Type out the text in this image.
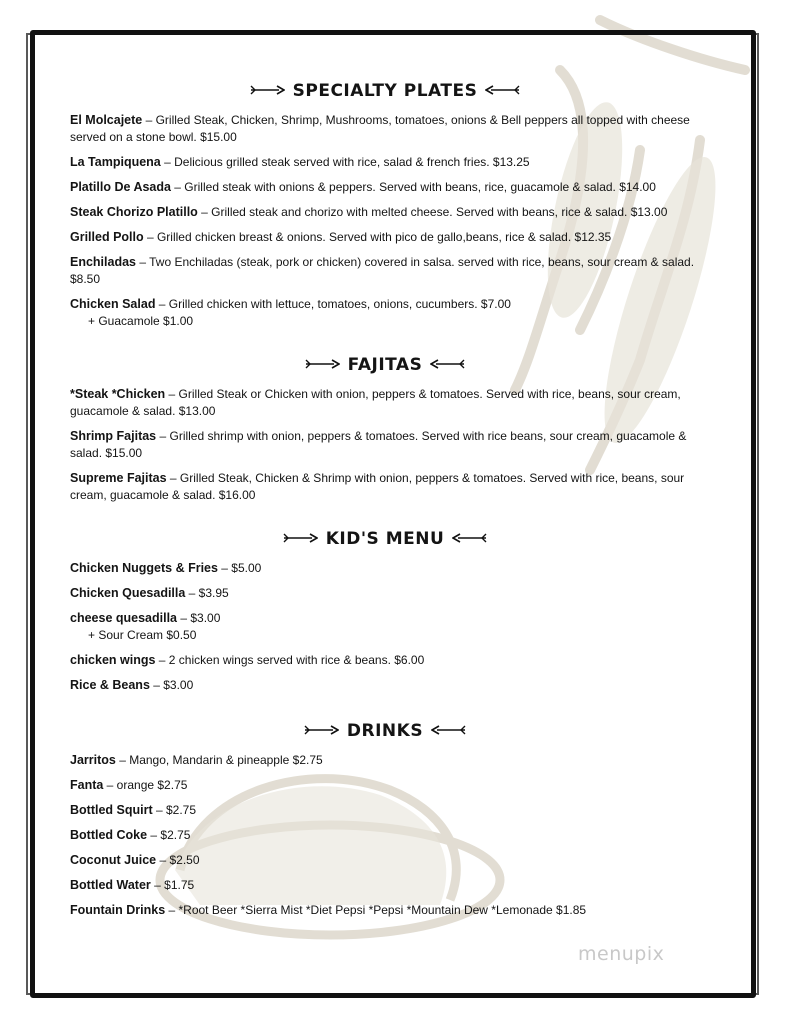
SPECIALTY PLATES
El Molcajete – Grilled Steak, Chicken, Shrimp, Mushrooms, tomatoes, onions & Bell peppers all topped with cheese served on a stone bowl. $15.00
La Tampiquena – Delicious grilled steak served with rice, salad & french fries. $13.25
Platillo De Asada – Grilled steak with onions & peppers. Served with beans, rice, guacamole & salad. $14.00
Steak Chorizo Platillo – Grilled steak and chorizo with melted cheese. Served with beans, rice & salad. $13.00
Grilled Pollo – Grilled chicken breast & onions. Served with pico de gallo,beans, rice & salad. $12.35
Enchiladas – Two Enchiladas (steak, pork or chicken) covered in salsa. served with rice, beans, sour cream & salad. $8.50
Chicken Salad – Grilled chicken with lettuce, tomatoes, onions, cucumbers. $7.00
+ Guacamole $1.00
FAJITAS
*Steak *Chicken – Grilled Steak or Chicken with onion, peppers & tomatoes. Served with rice, beans, sour cream, guacamole & salad. $13.00
Shrimp Fajitas – Grilled shrimp with onion, peppers & tomatoes. Served with rice beans, sour cream, guacamole & salad. $15.00
Supreme Fajitas – Grilled Steak, Chicken & Shrimp with onion, peppers & tomatoes. Served with rice, beans, sour cream, guacamole & salad. $16.00
KID'S MENU
Chicken Nuggets & Fries – $5.00
Chicken Quesadilla – $3.95
cheese quesadilla – $3.00
+ Sour Cream $0.50
chicken wings – 2 chicken wings served with rice & beans. $6.00
Rice & Beans – $3.00
DRINKS
Jarritos – Mango, Mandarin & pineapple $2.75
Fanta – orange $2.75
Bottled Squirt – $2.75
Bottled Coke – $2.75
Coconut Juice – $2.50
Bottled Water – $1.75
Fountain Drinks – *Root Beer *Sierra Mist *Diet Pepsi *Pepsi *Mountain Dew *Lemonade $1.85
menupix
